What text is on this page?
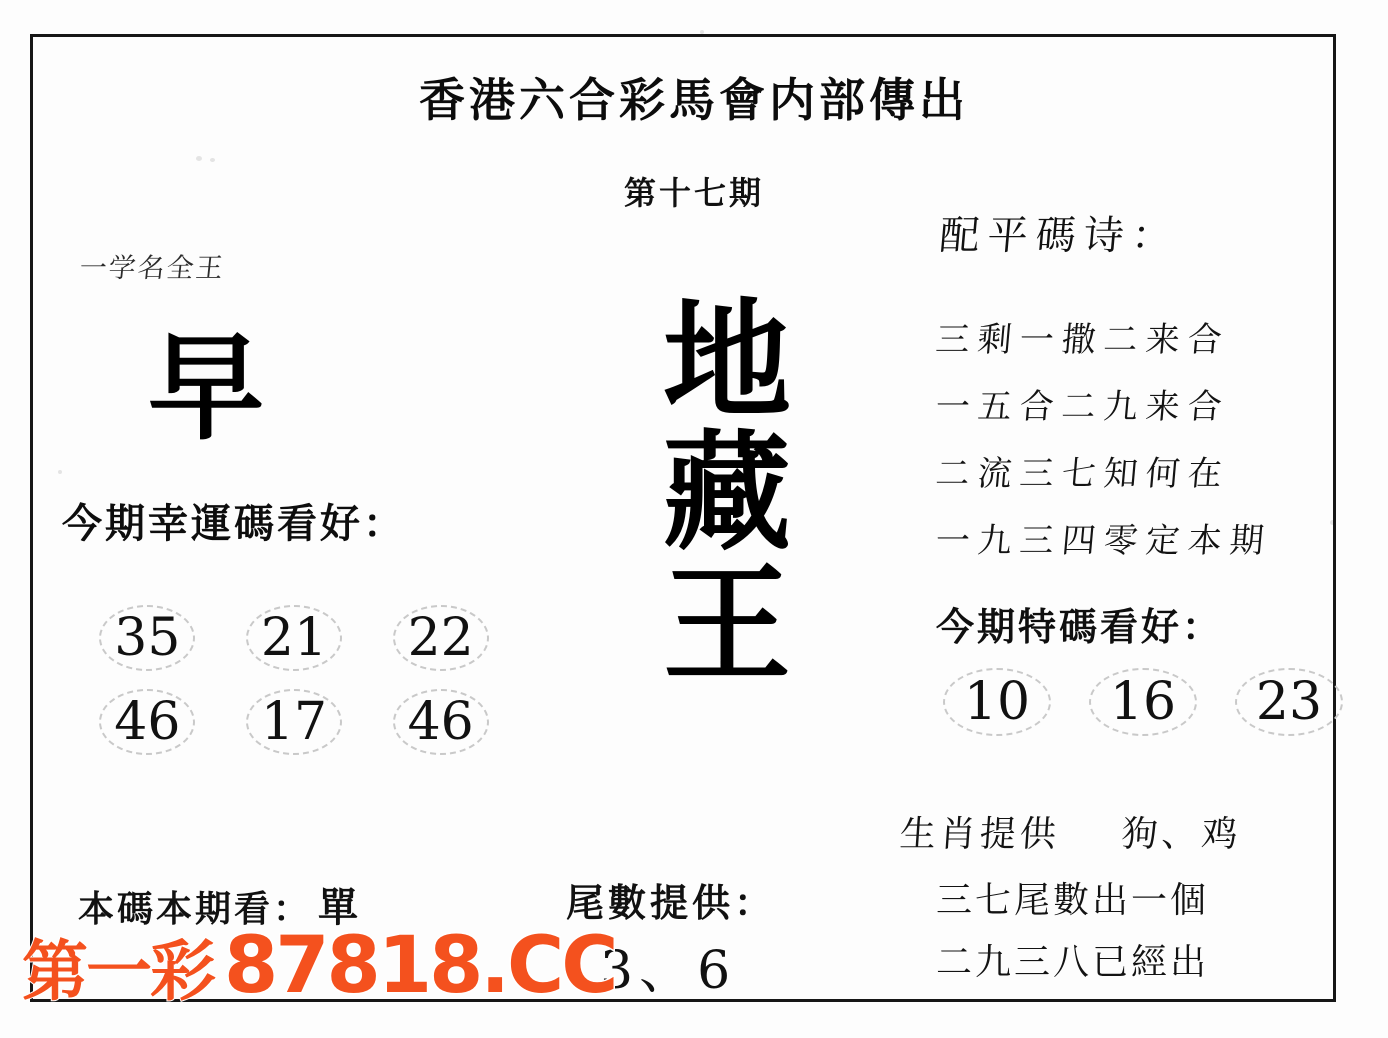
香港六合彩馬會内部傳出
第十七期
一学名全王
早
今期幸運碼看好：
35	21	22
46	17	46
本碼本期看： 單
地藏王
尾數提供：
3、6
配平碼诗：
三剩一撒二来合
一五合二九来合
二流三七知何在
一九三四零定本期
今期特碼看好：
10	16	23
生肖提供 狗、鸡
三七尾數出一個
二九三八已經出
第一彩 87818.CC
